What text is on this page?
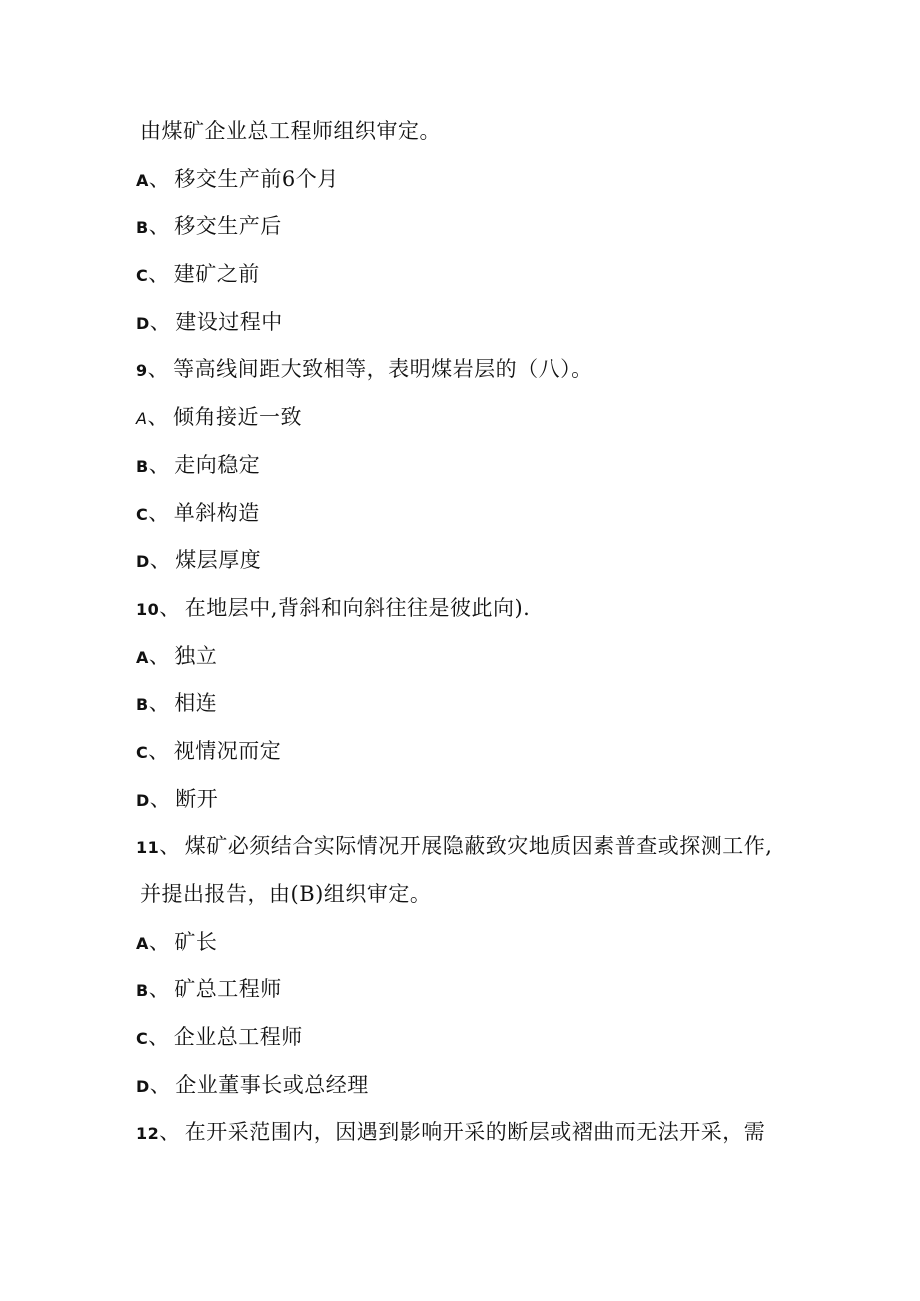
由煤矿企业总工程师组织审定。
A、 移交生产前6个月
B、 移交生产后
C、 建矿之前
D、 建设过程中
9、 等高线间距大致相等，表明煤岩层的（八）。
A、 倾角接近一致
B、 走向稳定
C、 单斜构造
D、 煤层厚度
10、 在地层中,背斜和向斜往往是彼此向).
A、 独立
B、 相连
C、 视情况而定
D、 断开
11、 煤矿必须结合实际情况开展隐蔽致灾地质因素普查或探测工作,
并提出报告，由(B)组织审定。
A、 矿长
B、 矿总工程师
C、 企业总工程师
D、 企业董事长或总经理
12、 在开采范围内，因遇到影响开采的断层或褶曲而无法开采，需
